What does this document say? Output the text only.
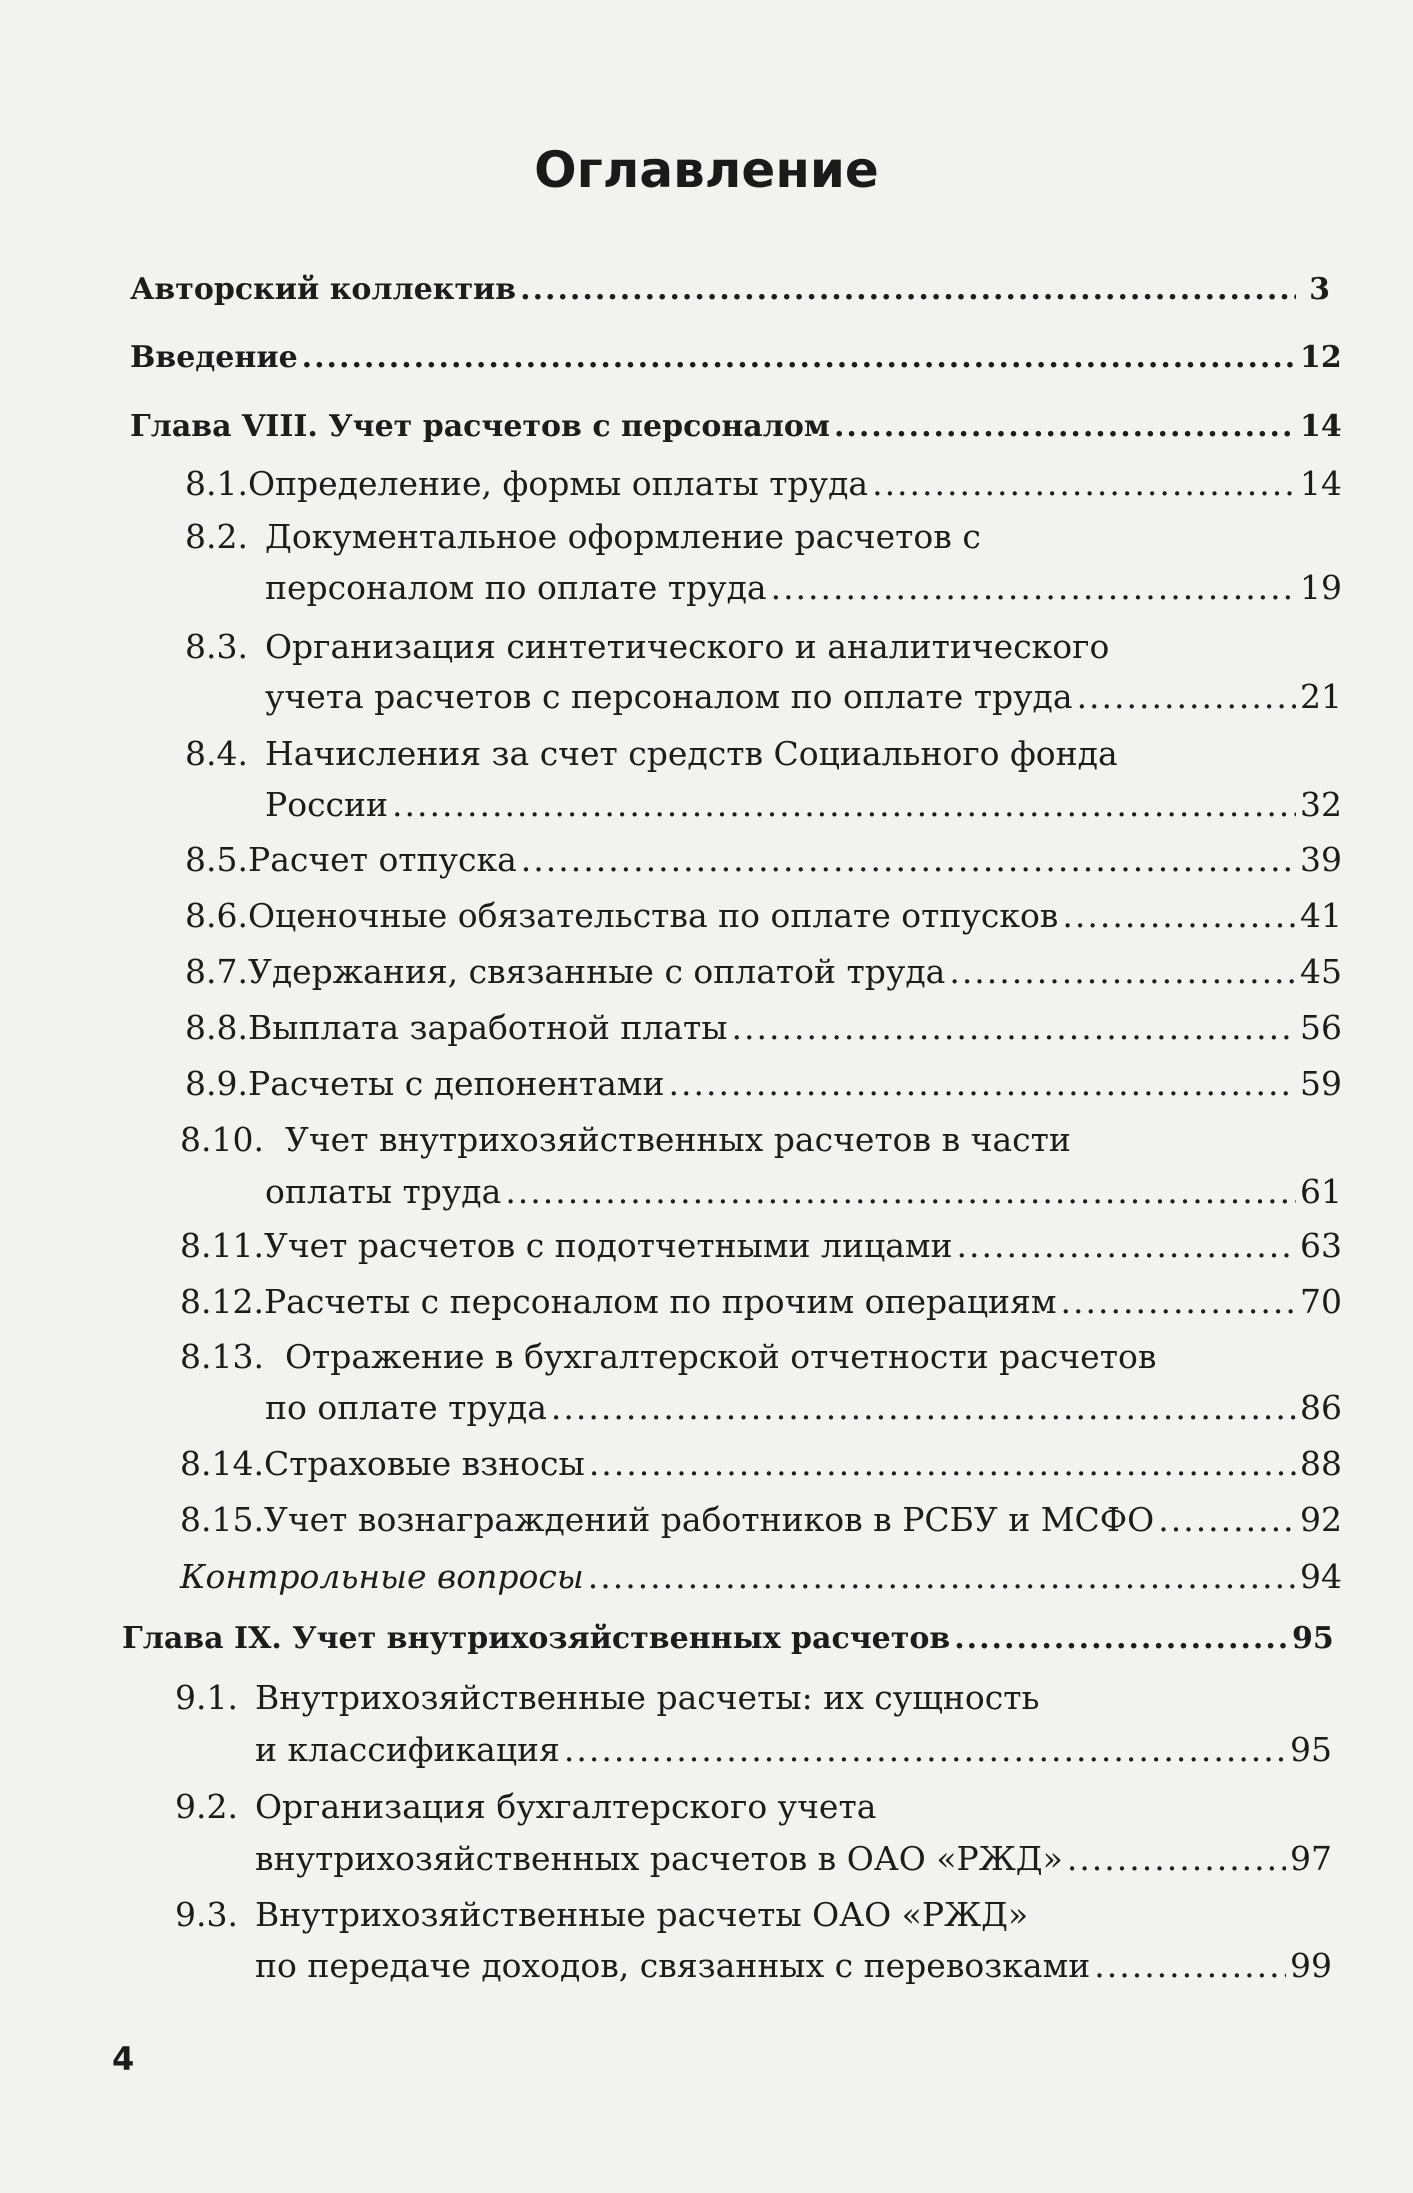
Оглавление
Авторский коллектив .....	3
Введение .....	12
Глава VIII. Учет расчетов с персоналом .....	14
8.1. Определение, формы оплаты труда .....	14
8.2. Документальное оформление расчетов с
персоналом по оплате труда .....	19
8.3. Организация синтетического и аналитического
учета расчетов с персоналом по оплате труда .....	21
8.4. Начисления за счет средств Социального фонда
России .....	32
8.5. Расчет отпуска .....	39
8.6. Оценочные обязательства по оплате отпусков .....	41
8.7. Удержания, связанные с оплатой труда .....	45
8.8. Выплата заработной платы .....	56
8.9. Расчеты с депонентами .....	59
8.10. Учет внутрихозяйственных расчетов в части
оплаты труда .....	61
8.11. Учет расчетов с подотчетными лицами .....	63
8.12. Расчеты с персоналом по прочим операциям .....	70
8.13. Отражение в бухгалтерской отчетности расчетов
по оплате труда .....	86
8.14. Страховые взносы .....	88
8.15. Учет вознаграждений работников в РСБУ и МСФО .....	92
Контрольные вопросы .....	94
Глава IX. Учет внутрихозяйственных расчетов .....	95
9.1. Внутрихозяйственные расчеты: их сущность
и классификация .....	95
9.2. Организация бухгалтерского учета
внутрихозяйственных расчетов в ОАО «РЖД» .....	97
9.3. Внутрихозяйственные расчеты ОАО «РЖД»
по передаче доходов, связанных с перевозками .....	99
4
